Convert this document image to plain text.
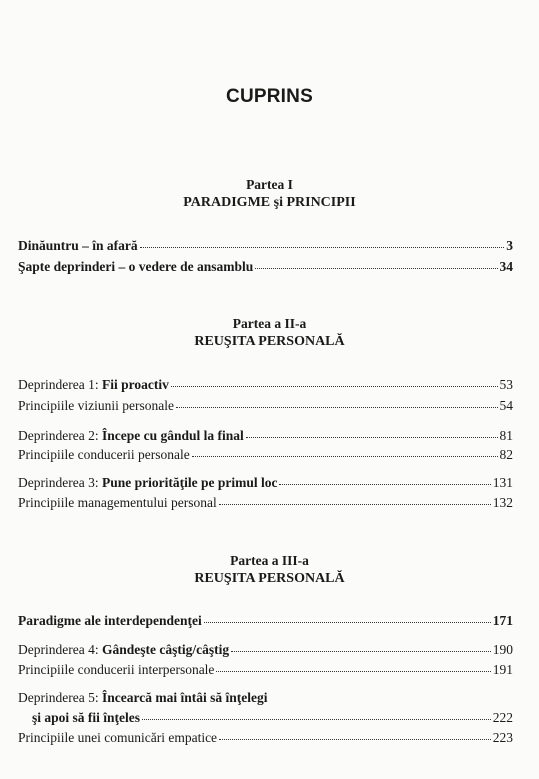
CUPRINS
Partea I
PARADIGME şi PRINCIPII
Dinăuntru – în afară	3
Şapte deprinderi – o vedere de ansamblu	34
Partea a II-a
REUŞITA PERSONALĂ
Deprinderea 1: Fii proactiv	53
Principiile viziunii personale	54
Deprinderea 2: Începe cu gândul la final	81
Principiile conducerii personale	82
Deprinderea 3: Pune priorităţile pe primul loc	131
Principiile managementului personal	132
Partea a III-a
REUŞITA PERSONALĂ
Paradigme ale interdependenţei	171
Deprinderea 4: Gândeşte câştig/câştig	190
Principiile conducerii interpersonale	191
Deprinderea 5: Încearcă mai întâi să înţelegi
şi apoi să fii înţeles	222
Principiile unei comunicări empatice	223
